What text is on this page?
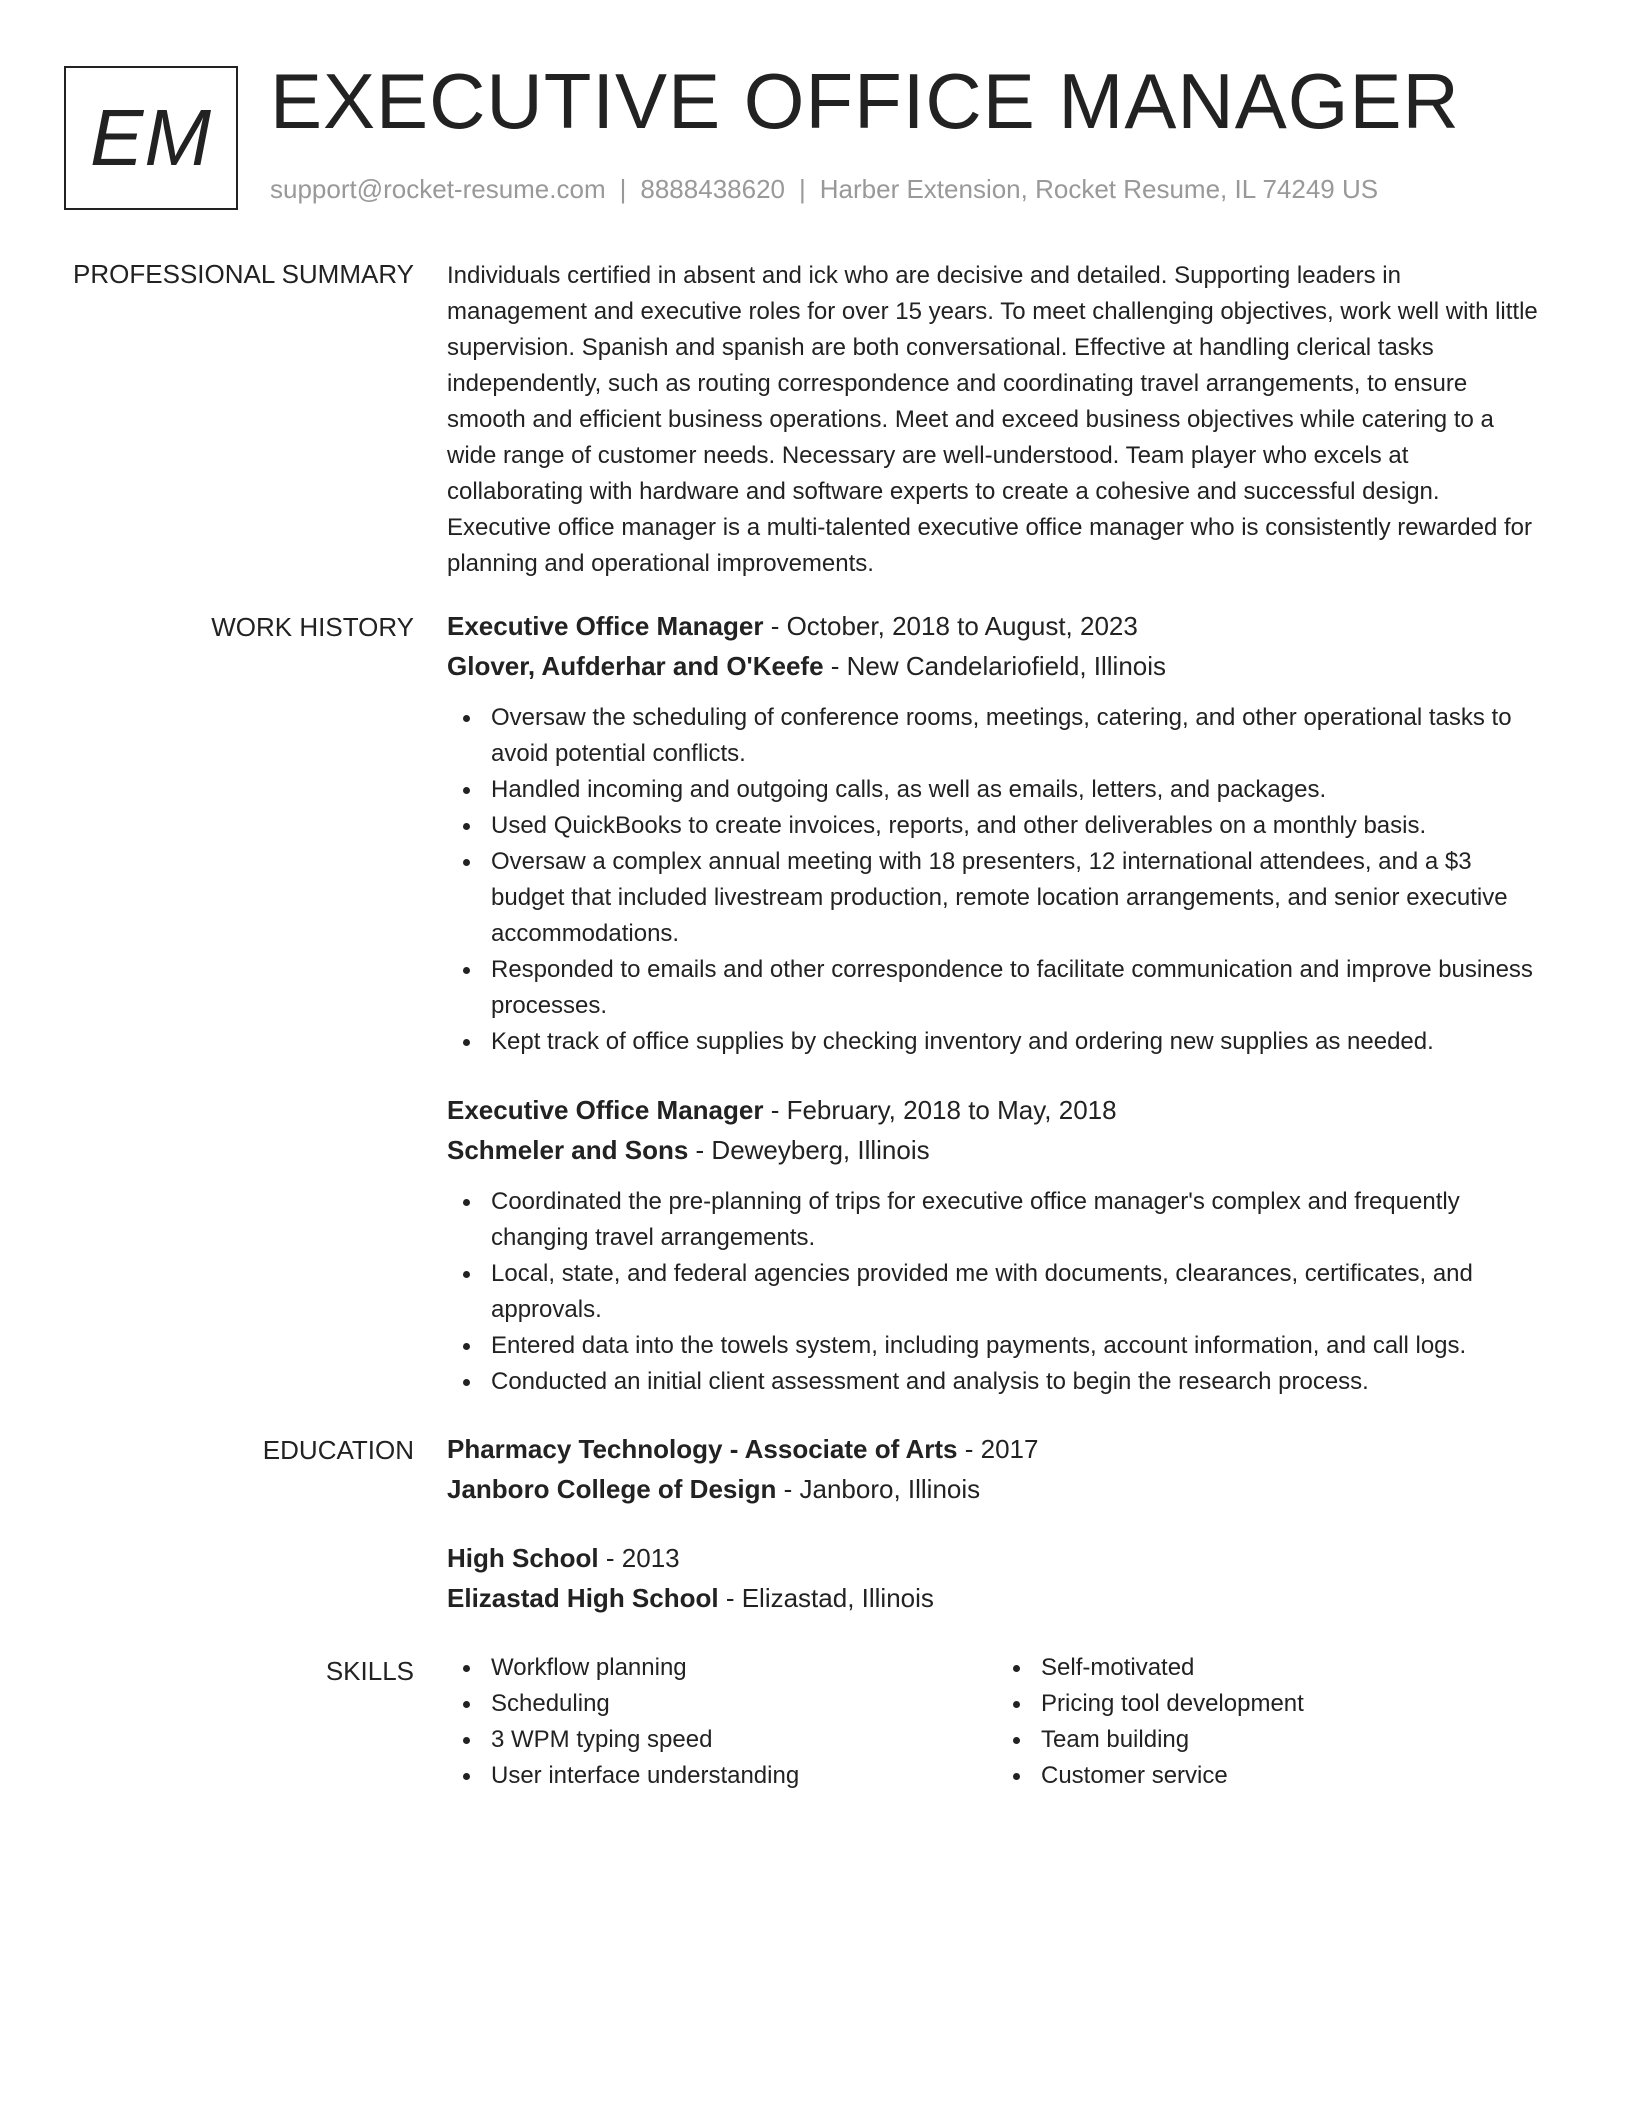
EM EXECUTIVE OFFICE MANAGER
support@rocket-resume.com | 8888438620 | Harber Extension, Rocket Resume, IL 74249 US
PROFESSIONAL SUMMARY Individuals certified in absent and ick who are decisive and detailed. Supporting leaders in management and executive roles for over 15 years. To meet challenging objectives, work well with little supervision. Spanish and spanish are both conversational. Effective at handling clerical tasks independently, such as routing correspondence and coordinating travel arrangements, to ensure smooth and efficient business operations. Meet and exceed business objectives while catering to a wide range of customer needs. Necessary are well-understood. Team player who excels at collaborating with hardware and software experts to create a cohesive and successful design. Executive office manager is a multi-talented executive office manager who is consistently rewarded for planning and operational improvements.
WORK HISTORY Executive Office Manager - October, 2018 to August, 2023
Glover, Aufderhar and O'Keefe - New Candelariofield, Illinois
Oversaw the scheduling of conference rooms, meetings, catering, and other operational tasks to avoid potential conflicts.
Handled incoming and outgoing calls, as well as emails, letters, and packages.
Used QuickBooks to create invoices, reports, and other deliverables on a monthly basis.
Oversaw a complex annual meeting with 18 presenters, 12 international attendees, and a $3 budget that included livestream production, remote location arrangements, and senior executive accommodations.
Responded to emails and other correspondence to facilitate communication and improve business processes.
Kept track of office supplies by checking inventory and ordering new supplies as needed.
Executive Office Manager - February, 2018 to May, 2018
Schmeler and Sons - Deweyberg, Illinois
Coordinated the pre-planning of trips for executive office manager's complex and frequently changing travel arrangements.
Local, state, and federal agencies provided me with documents, clearances, certificates, and approvals.
Entered data into the towels system, including payments, account information, and call logs.
Conducted an initial client assessment and analysis to begin the research process.
EDUCATION Pharmacy Technology - Associate of Arts - 2017
Janboro College of Design - Janboro, Illinois
High School - 2013
Elizastad High School - Elizastad, Illinois
SKILLS	Workflow planning
Scheduling
3 WPM typing speed
User interface understanding
Self-motivated
Pricing tool development
Team building
Customer service
